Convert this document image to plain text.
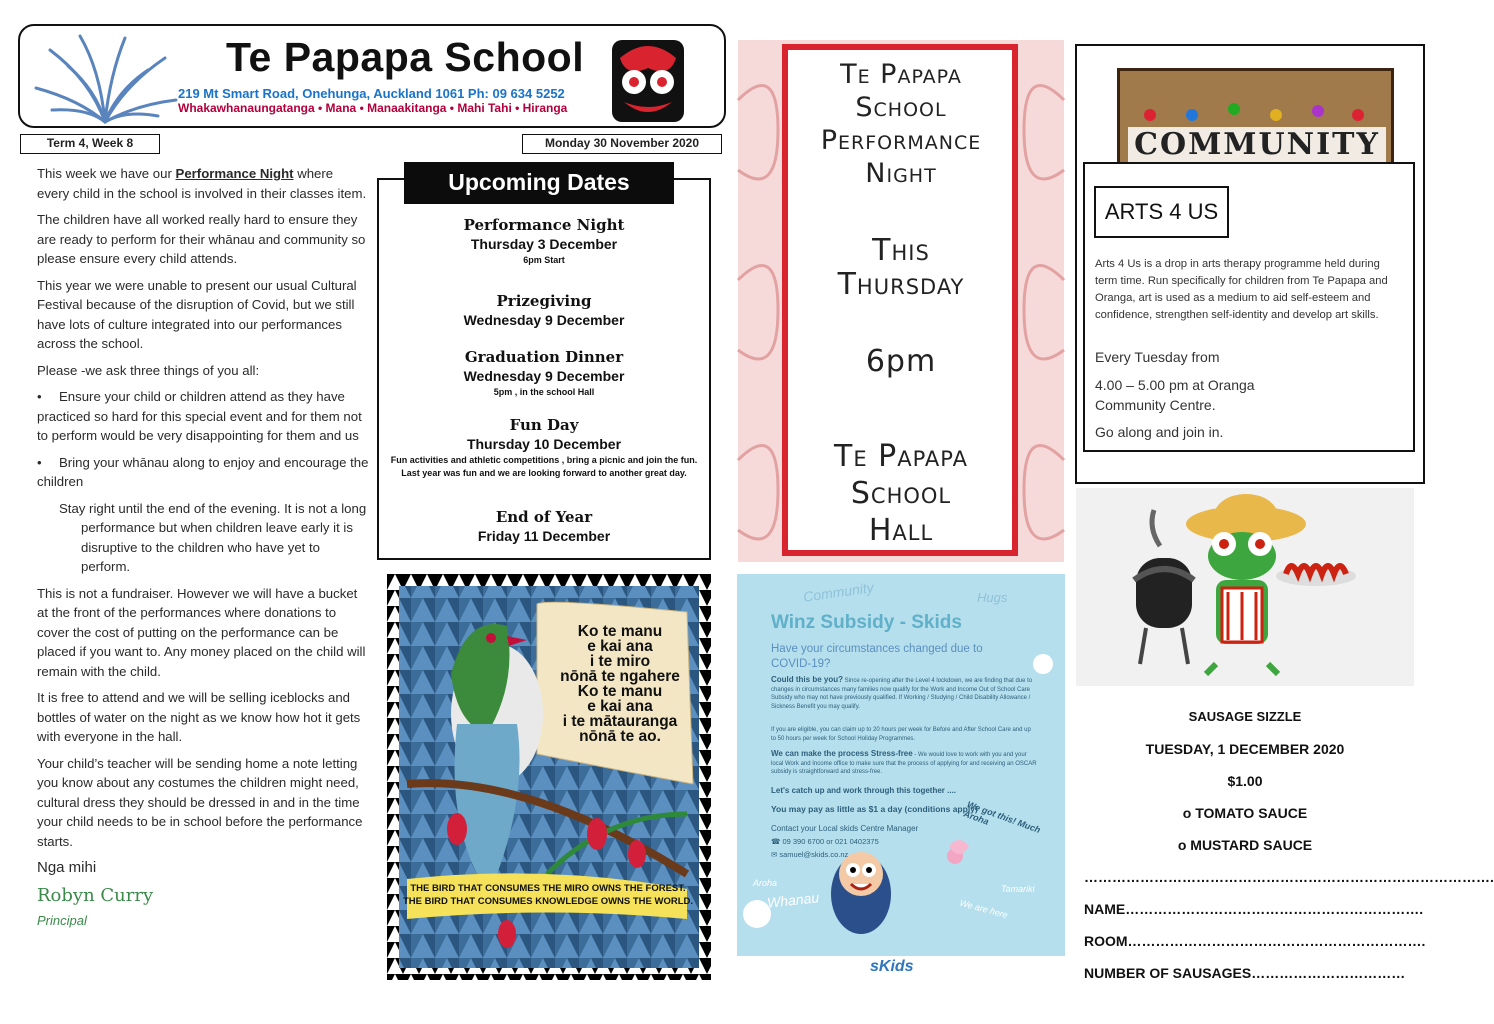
Te Papapa School
219 Mt Smart Road, Onehunga, Auckland 1061 Ph: 09 634 5252
Whakawhanaungatanga • Mana • Manaakitanga • Mahi Tahi • Hiranga
Term 4, Week 8	Monday 30 November 2020

This week we have our Performance Night where every child in the school is involved in their classes item.

The children have all worked really hard to ensure they are ready to perform for their whānau and community so please ensure every child attends.

This year we were unable to present our usual Cultural Festival because of the disruption of Covid, but we still have lots of culture integrated into our performances across the school.

Please -we ask three things of you all:

• Ensure your child or children attend as they have practiced so hard for this special event and for them not to perform would be very disappointing for them and us

• Bring your whānau along to enjoy and encourage the children

Stay right until the end of the evening. It is not a long performance but when children leave early it is disruptive to the children who have yet to perform.

This is not a fundraiser. However we will have a bucket at the front of the performances where donations to cover the cost of putting on the performance can be placed if you want to. Any money placed on the child will remain with the child.

It is free to attend and we will be selling iceblocks and bottles of water on the night as we know how hot it gets with everyone in the hall.

Your child’s teacher will be sending home a note letting you know about any costumes the children might need, cultural dress they should be dressed in and in the time your child needs to be in school before the performance starts.

Nga mihi
Robyn Curry
Principal
Upcoming Dates
Performance Night
Thursday 3 December
6pm Start
Prizegiving
Wednesday 9 December
Graduation Dinner
Wednesday 9 December
5pm , in the school Hall
Fun Day
Thursday 10 December
Fun activities and athletic competitions , bring a picnic and join the fun. Last year was fun and we are looking forward to another great day.
End of Year
Friday 11 December
Ko te manu
e kai ana
i te miro
nōnā te ngahere
Ko te manu
e kai ana
i te mātauranga
nōnā te ao.
THE BIRD THAT CONSUMES THE MIRO OWNS THE FOREST. THE BIRD THAT CONSUMES KNOWLEDGE OWNS THE WORLD.
Te Papapa
School
Performance
Night
This
Thursday
6pm
Te Papapa
School
Hall
Community	Hugs
Winz Subsidy - Skids
Have your circumstances changed due to COVID-19?
Could this be you? Since re-opening after the Level 4 lockdown, we are finding that due to changes in circumstances many families now qualify for the Work and Income Out of School Care Subsidy who may not have previously qualified. If Working / Studying / Child Disability Allowance / Sickness Benefit you may qualify.
If you are eligible, you can claim up to 20 hours per week for Before and After School Care and up to 50 hours per week for School Holiday Programmes.
We can make the process Stress-free - We would love to work with you and your local Work and Income office to make sure that the process of applying for and receiving an OSCAR subsidy is straightforward and stress-free.
Let's catch up and work through this together ....
You may pay as little as $1 a day (conditions apply)
Contact your Local skids Centre Manager
☎ 09 390 6700 or 021 0402375
✉ samuel@skids.co.nz
We got this! Much Aroha
Aroha
Whanau
Tamariki
We are here
sKids
COMMUNITY
ARTS 4 US
Arts 4 Us is a drop in arts therapy programme held during term time. Run specifically for children from Te Papapa and Oranga, art is used as a medium to aid self-esteem and confidence, strengthen self-identity and develop art skills.
Every Tuesday from
4.00 – 5.00 pm at Oranga
Community Centre.
Go along and join in.
SAUSAGE SIZZLE
TUESDAY, 1 DECEMBER 2020
$1.00
o TOMATO SAUCE
o MUSTARD SAUCE
…………………………………………………………………………….
NAME……………………………………………………….
ROOM……………………………………………………….
NUMBER OF SAUSAGES……………………………
